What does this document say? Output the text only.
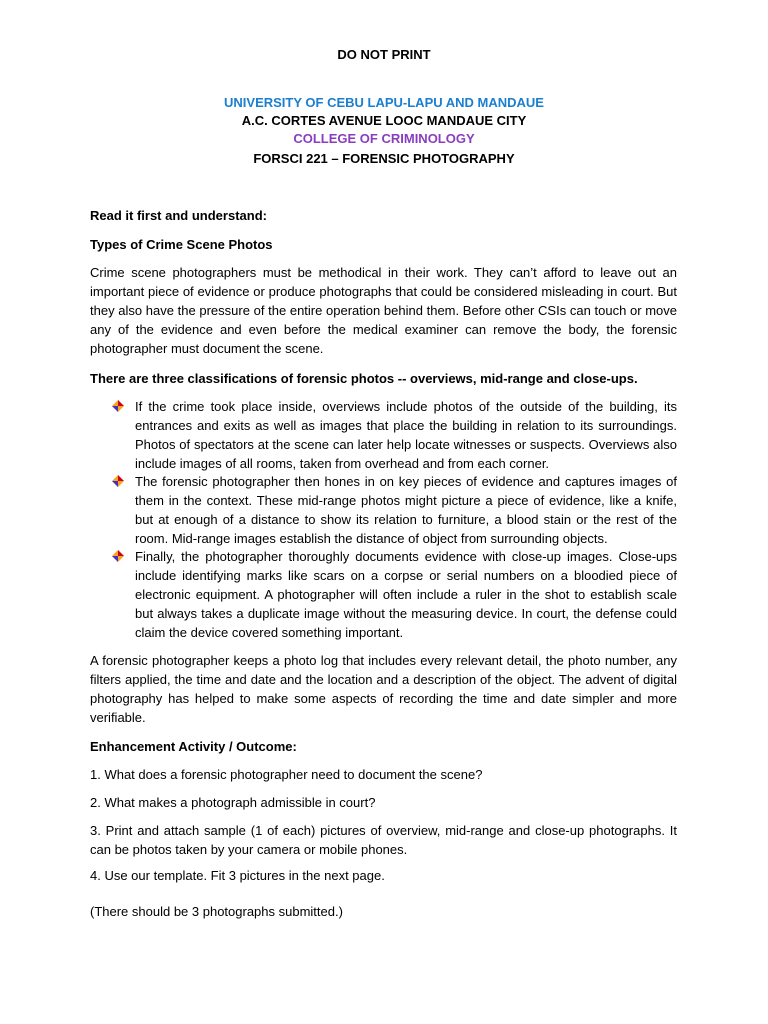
DO NOT PRINT
UNIVERSITY OF CEBU LAPU-LAPU AND MANDAUE
A.C. CORTES AVENUE LOOC MANDAUE CITY
COLLEGE OF CRIMINOLOGY
FORSCI 221 – FORENSIC PHOTOGRAPHY
Read it first and understand:
Types of Crime Scene Photos
Crime scene photographers must be methodical in their work. They can’t afford to leave out an important piece of evidence or produce photographs that could be considered misleading in court. But they also have the pressure of the entire operation behind them. Before other CSIs can touch or move any of the evidence and even before the medical examiner can remove the body, the forensic photographer must document the scene.
There are three classifications of forensic photos -- overviews, mid-range and close-ups.
If the crime took place inside, overviews include photos of the outside of the building, its entrances and exits as well as images that place the building in relation to its surroundings. Photos of spectators at the scene can later help locate witnesses or suspects. Overviews also include images of all rooms, taken from overhead and from each corner.
The forensic photographer then hones in on key pieces of evidence and captures images of them in the context. These mid-range photos might picture a piece of evidence, like a knife, but at enough of a distance to show its relation to furniture, a blood stain or the rest of the room. Mid-range images establish the distance of object from surrounding objects.
Finally, the photographer thoroughly documents evidence with close-up images. Close-ups include identifying marks like scars on a corpse or serial numbers on a bloodied piece of electronic equipment. A photographer will often include a ruler in the shot to establish scale but always takes a duplicate image without the measuring device. In court, the defense could claim the device covered something important.
A forensic photographer keeps a photo log that includes every relevant detail, the photo number, any filters applied, the time and date and the location and a description of the object. The advent of digital photography has helped to make some aspects of recording the time and date simpler and more verifiable.
Enhancement Activity / Outcome:
1. What does a forensic photographer need to document the scene?
2. What makes a photograph admissible in court?
3. Print and attach sample (1 of each) pictures of overview, mid-range and close-up photographs. It can be photos taken by your camera or mobile phones.
4. Use our template. Fit 3 pictures in the next page.
(There should be 3 photographs submitted.)
